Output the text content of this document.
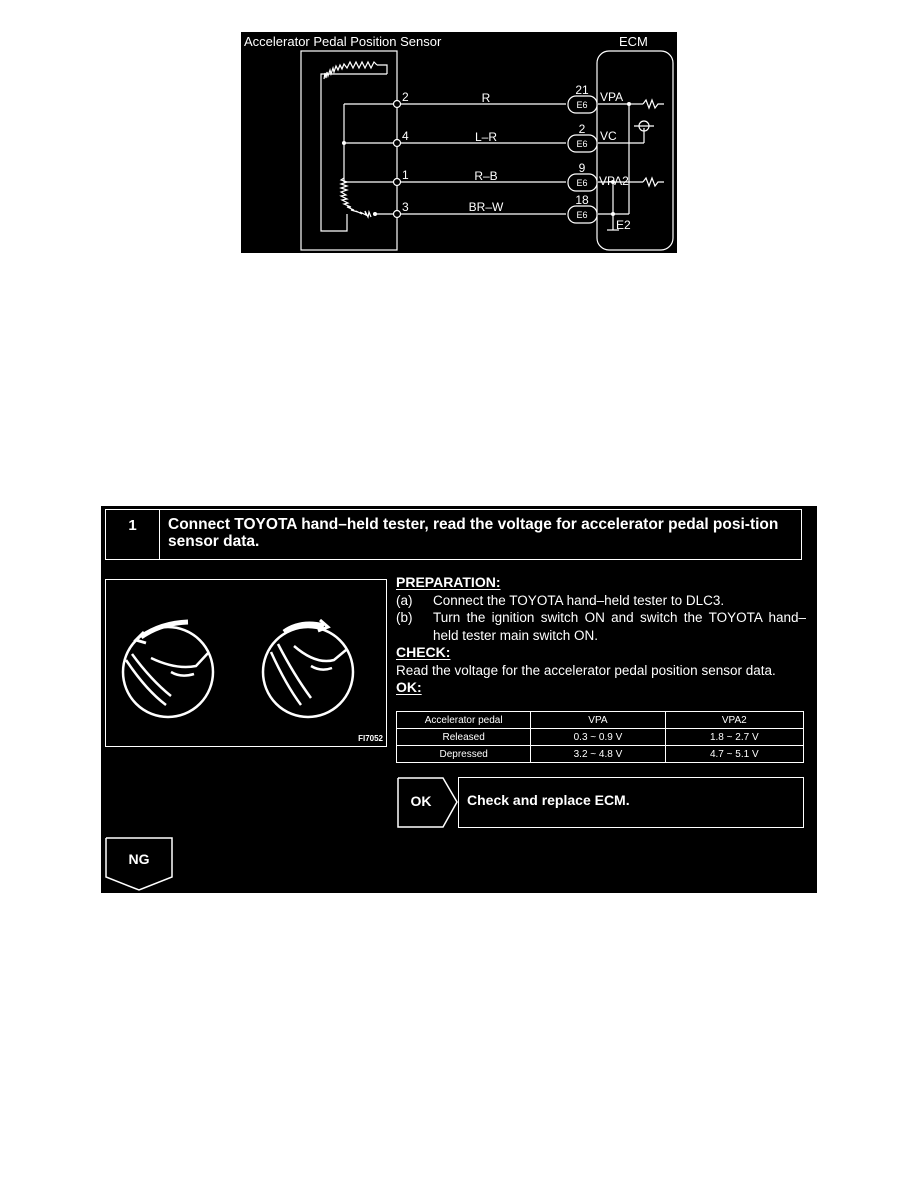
Accelerator Pedal Position Sensor	ECM
2
4
1
3
R
L–R
R–B
BR–W
21
2
9
18
E6
E6
E6
E6
VPA
VC
VPA2
E2
1	Connect TOYOTA hand–held tester, read the voltage for accelerator pedal posi-tion sensor data.
FI7052
PREPARATION:
(a)	Connect the TOYOTA hand–held tester to DLC3.
(b)	Turn the ignition switch ON and switch the TOYOTA hand–held tester main switch ON.
CHECK:
Read the voltage for the accelerator pedal position sensor data.
OK:
Accelerator pedal	VPA	VPA2
Released	0.3 ~ 0.9 V	1.8 ~ 2.7 V
Depressed	3.2 ~ 4.8 V	4.7 ~ 5.1 V
OK	Check and replace ECM.
NG
